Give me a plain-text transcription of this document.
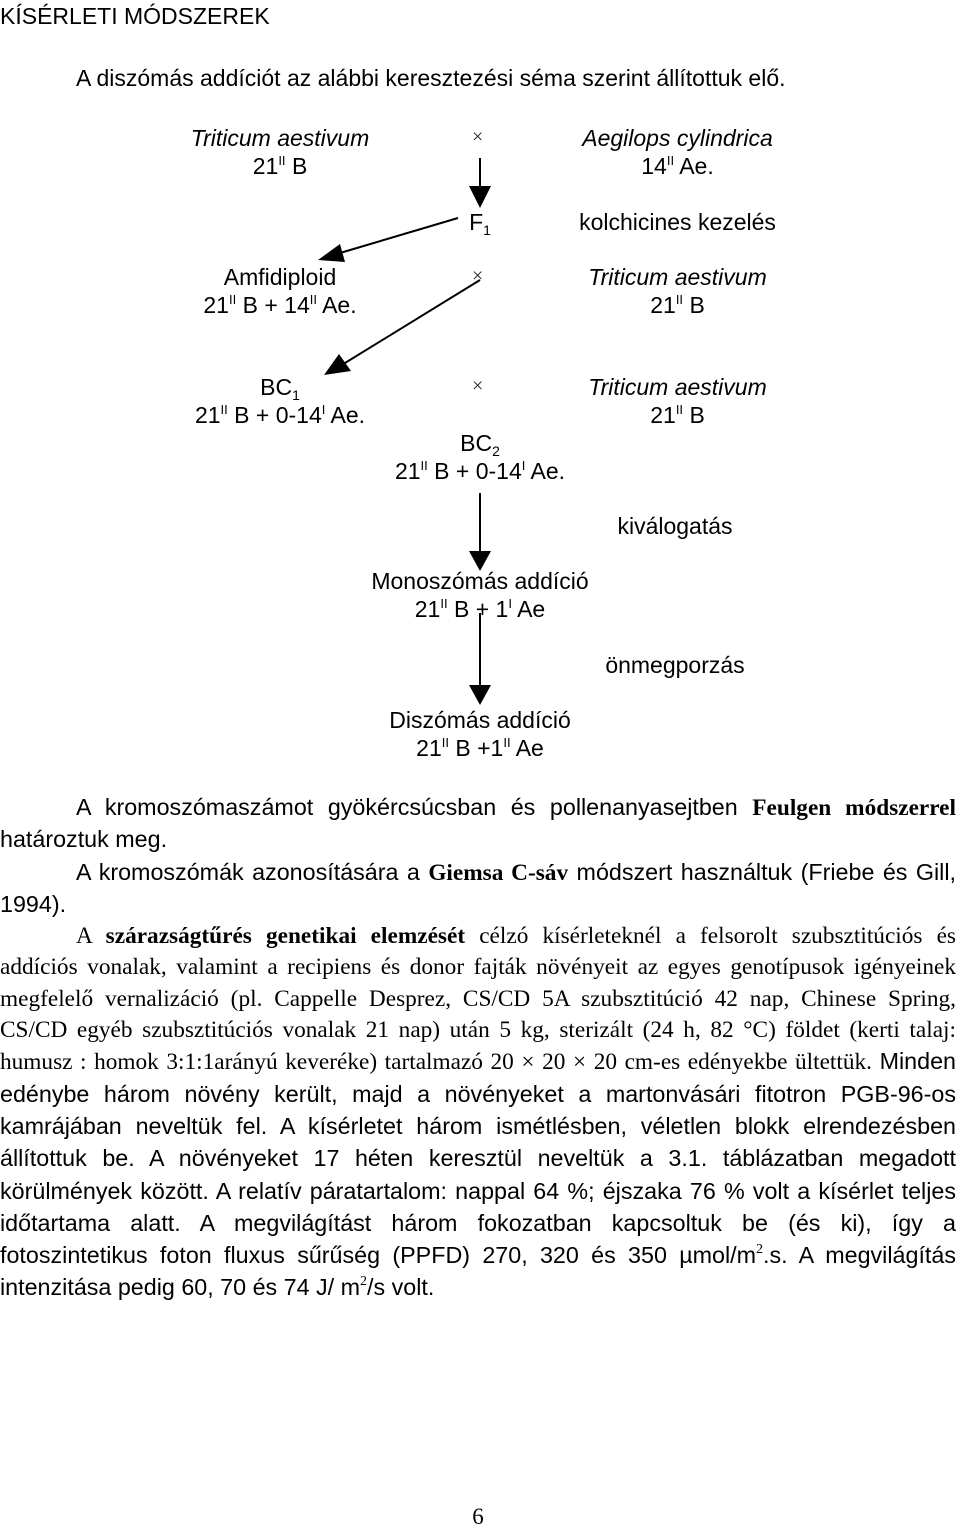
KÍSÉRLETI MÓDSZEREK
A diszómás addíciót az alábbi keresztezési séma szerint állítottuk elő.
Triticum aestivum
$21^{II}$ B
×	Aegilops cylindrica
$14^{II}$ Ae.
$F_1$	kolchicines kezelés
Amfidiploid
$21^{II}$ $B + 14^{II}$ Ae.
×	Triticum aestivum
$21^{II}$ B
$BC_1$
$21^{II}$ $B + 0-14^I$ Ae.
×	Triticum aestivum
$21^{II}$ B
$BC_2$
$21^{II}$ $B + 0-14^I$ Ae.
kiválogatás
Monoszómás addíció
$21^{II}$ $B + 1^I$ Ae
önmegporzás
Diszómás addíció
$21^{II}$ $B +1^{II}$ Ae

A kromoszómaszámot gyökércsúcsban és pollenanyasejtben Feulgen módszerrel határoztuk meg.

A kromoszómák azonosítására a Giemsa C-sáv módszert használtuk (Friebe és Gill, 1994).

A szárazságtűrés genetikai elemzését célzó kísérleteknél a felsorolt szubsztitúciós és addíciós vonalak, valamint a recipiens és donor fajták növényeit az egyes genotípusok igényeinek megfelelő vernalizáció (pl. Cappelle Desprez, CS/CD 5A szubsztitúció 42 nap, Chinese Spring, CS/CD egyéb szubsztitúciós vonalak 21 nap) után 5 kg, sterizált (24 h, 82 °C) földet (kerti talaj: humusz : homok 3:1:1arányú keveréke) tartalmazó 20 × 20 × 20 cm-es edényekbe ültettük. Minden edénybe három növény került, majd a növényeket a martonvásári fitotron PGB-96-os kamrájában neveltük fel. A kísérletet három ismétlésben, véletlen blokk elrendezésben állítottuk be. A növényeket 17 héten keresztül neveltük a 3.1. táblázatban megadott körülmények között. A relatív páratartalom: nappal 64 %; éjszaka 76 % volt a kísérlet teljes időtartama alatt. A megvilágítást három fokozatban kapcsoltuk be (és ki), így a fotoszintetikus foton fluxus sűrűség (PPFD) 270, 320 és 350 µmol/$m^2.s$. A megvilágítás intenzitása pedig 60, 70 és 74 J/ $m^2/s$ volt.

6
